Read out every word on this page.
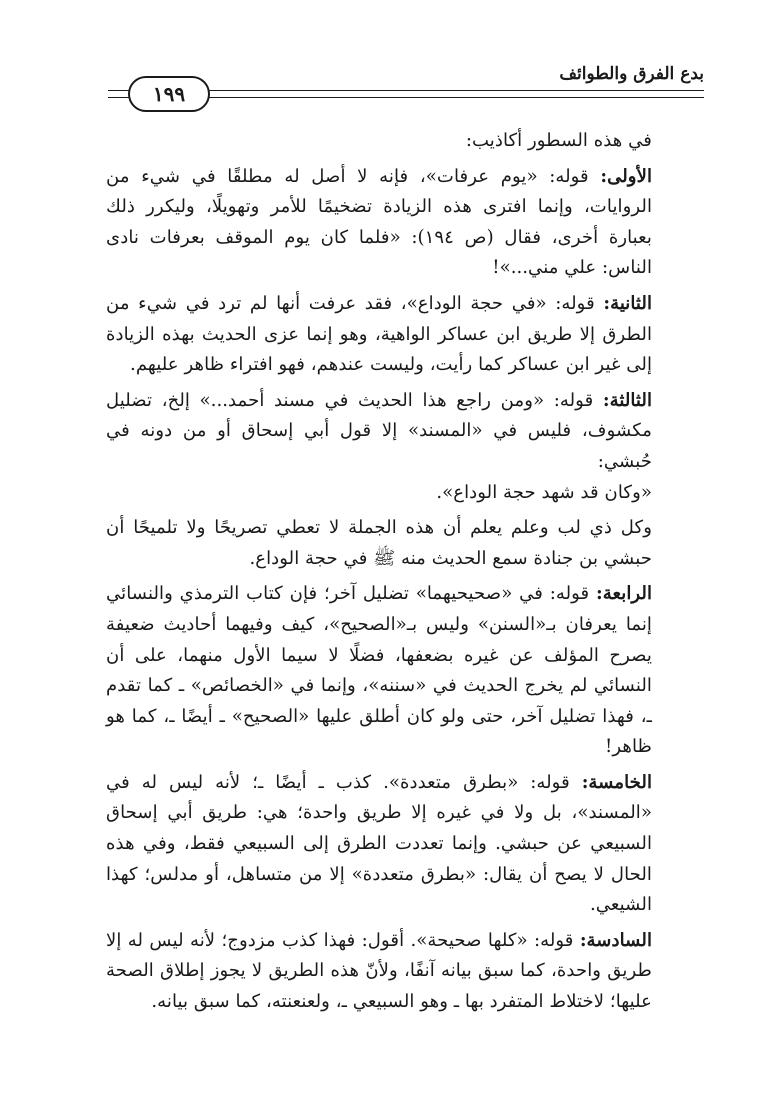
بدع الفرق والطوائف
١٩٩

في هذه السطور أكاذيب:

الأولى: قوله: «يوم عرفات»، فإنه لا أصل له مطلقًا في شيء من الروايات، وإنما افترى هذه الزيادة تضخيمًا للأمر وتهويلًا، وليكرر ذلك بعبارة أخرى، فقال (ص ١٩٤): «فلما كان يوم الموقف بعرفات نادى الناس: علي مني...»!

الثانية: قوله: «في حجة الوداع»، فقد عرفت أنها لم ترد في شيء من الطرق إلا طريق ابن عساكر الواهية، وهو إنما عزى الحديث بهذه الزيادة إلى غير ابن عساكر كما رأيت، وليست عندهم، فهو افتراء ظاهر عليهم.

الثالثة: قوله: «ومن راجع هذا الحديث في مسند أحمد...» إلخ، تضليل مكشوف، فليس في «المسند» إلا قول أبي إسحاق أو من دونه في حُبشي:

«وكان قد شهد حجة الوداع».

وكل ذي لب وعلم يعلم أن هذه الجملة لا تعطي تصريحًا ولا تلميحًا أن حبشي بن جنادة سمع الحديث منه ﷺ في حجة الوداع.

الرابعة: قوله: في «صحيحيهما» تضليل آخر؛ فإن كتاب الترمذي والنسائي إنما يعرفان بـ«السنن» وليس بـ«الصحيح»، كيف وفيهما أحاديث ضعيفة يصرح المؤلف عن غيره بضعفها، فضلًا لا سيما الأول منهما، على أن النسائي لم يخرج الحديث في «سننه»، وإنما في «الخصائص» ـ كما تقدم ـ، فهذا تضليل آخر، حتى ولو كان أطلق عليها «الصحيح» ـ أيضًا ـ، كما هو ظاهر!

الخامسة: قوله: «بطرق متعددة». كذب ـ أيضًا ـ؛ لأنه ليس له في «المسند»، بل ولا في غيره إلا طريق واحدة؛ هي: طريق أبي إسحاق السبيعي عن حبشي. وإنما تعددت الطرق إلى السبيعي فقط، وفي هذه الحال لا يصح أن يقال: «بطرق متعددة» إلا من متساهل، أو مدلس؛ كهذا الشيعي.

السادسة: قوله: «كلها صحيحة». أقول: فهذا كذب مزدوج؛ لأنه ليس له إلا طريق واحدة، كما سبق بيانه آنفًا، ولأنّ هذه الطريق لا يجوز إطلاق الصحة عليها؛ لاختلاط المتفرد بها ـ وهو السبيعي ـ، ولعنعنته، كما سبق بيانه.
